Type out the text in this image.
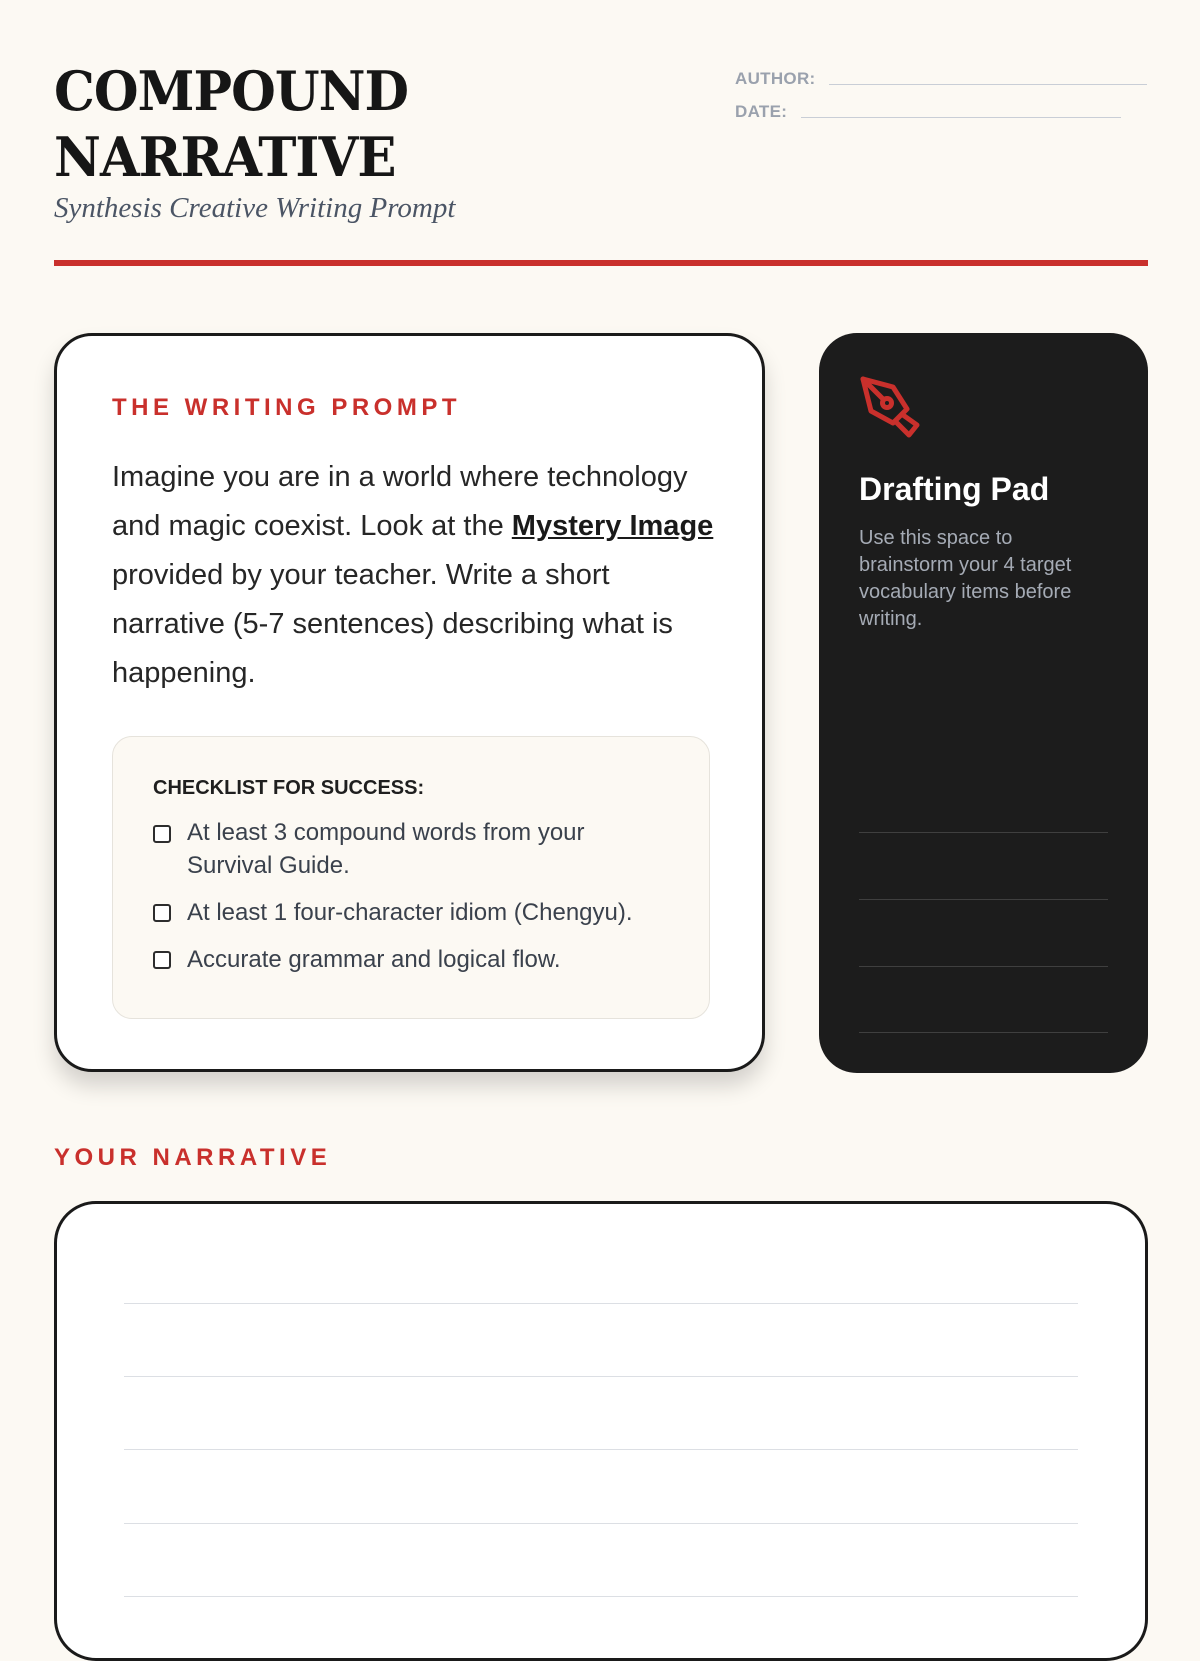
COMPOUND
NARRATIVE
Synthesis Creative Writing Prompt
AUTHOR:
DATE:
THE WRITING PROMPT

Imagine you are in a world where technology and magic coexist. Look at the Mystery Image provided by your teacher. Write a short narrative (5-7 sentences) describing what is happening.

CHECKLIST FOR SUCCESS:
At least 3 compound words from your Survival Guide.
At least 1 four-character idiom (Chengyu).
Accurate grammar and logical flow.
Drafting Pad
Use this space to brainstorm your 4 target vocabulary items before writing.
YOUR NARRATIVE
